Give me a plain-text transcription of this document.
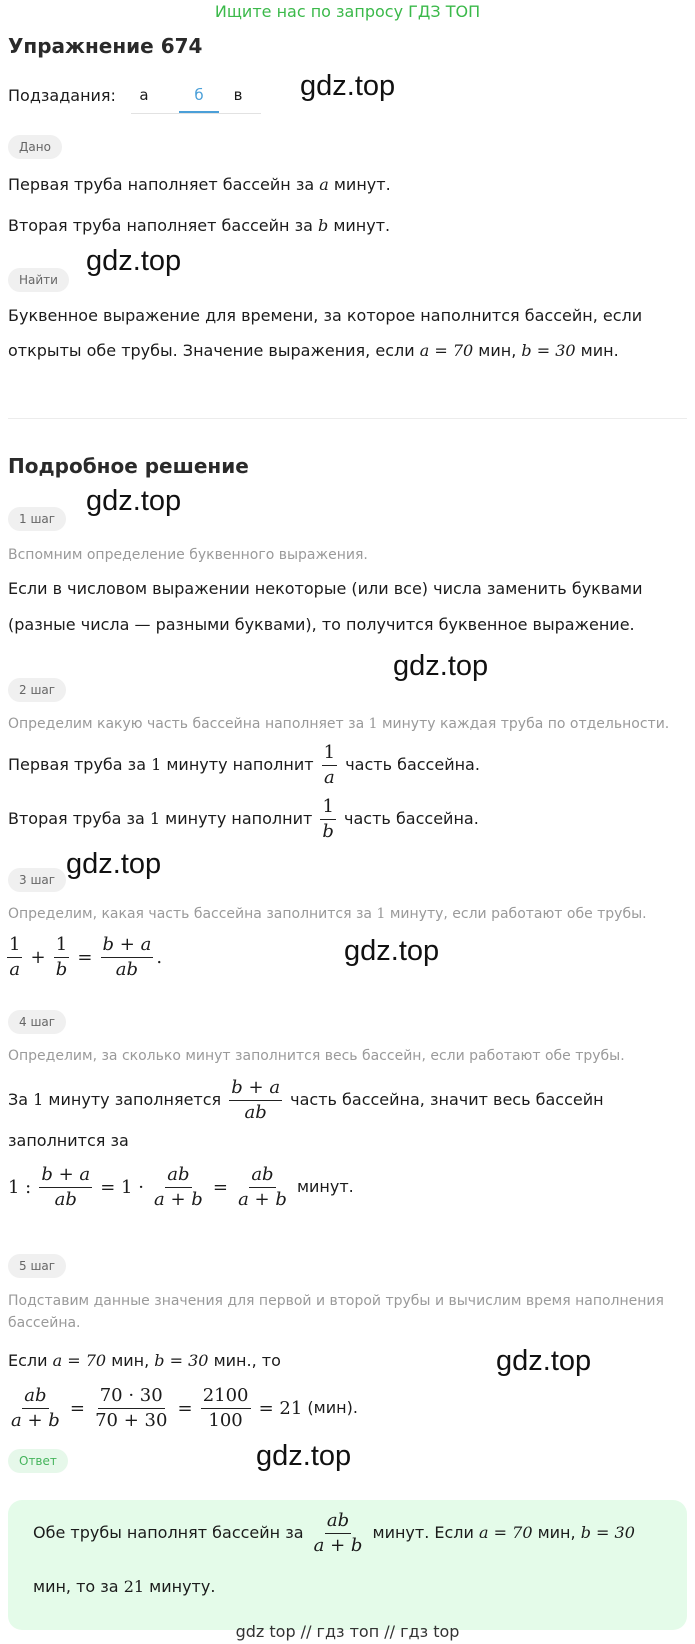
Ищите нас по запросу ГДЗ ТОП
Упражнение 674
Подзадания:	а	б	в	gdz.top
Дано
Первая труба наполняет бассейн за a минут.
Вторая труба наполняет бассейн за b минут.
Найти
gdz.top
Буквенное выражение для времени, за которое наполнится бассейн, если
открыты обе трубы. Значение выражения, если a = 70 мин, b = 30 мин.
Подробное решение
1 шаг
gdz.top
Вспомним определение буквенного выражения.
Если в числовом выражении некоторые (или все) числа заменить буквами
(разные числа — разными буквами), то получится буквенное выражение.
gdz.top
2 шаг
Определим какую часть бассейна наполняет за 1 минуту каждая труба по отдельности.
Первая труба за 1 минуту наполнит $\frac{1}{a}$ часть бассейна.
Вторая труба за 1 минуту наполнит $\frac{1}{b}$ часть бассейна.
3 шаг gdz.top
Определим, какая часть бассейна заполнится за 1 минуту, если работают обе трубы.
$\frac{1}{a} + \frac{1}{b} = \frac{b + a}{ab}$ .	gdz.top
4 шаг
Определим, за сколько минут заполнится весь бассейн, если работают обе трубы.
За 1 минуту заполняется $\frac{b + a}{ab}$ часть бассейна, значит весь бассейн
заполнится за
1 : $\frac{b + a}{ab} = 1 \cdot \frac{ab}{a + b} = \frac{ab}{a + b}$ минут.
5 шаг
Подставим данные значения для первой и второй трубы и вычислим время наполнения
бассейна.
Если a = 70 мин, b = 30 мин., то	gdz.top
$\frac{ab}{a + b} = \frac{70 \cdot 30}{70 + 30} = \frac{2100}{100} = 21$ (мин).
Ответ	gdz.top
Обе трубы наполнят бассейн за $\frac{ab}{a + b}$ минут. Если a = 70 мин, b = 30
мин, то за 21 минуту.
gdz top // гдз топ // гдз top
